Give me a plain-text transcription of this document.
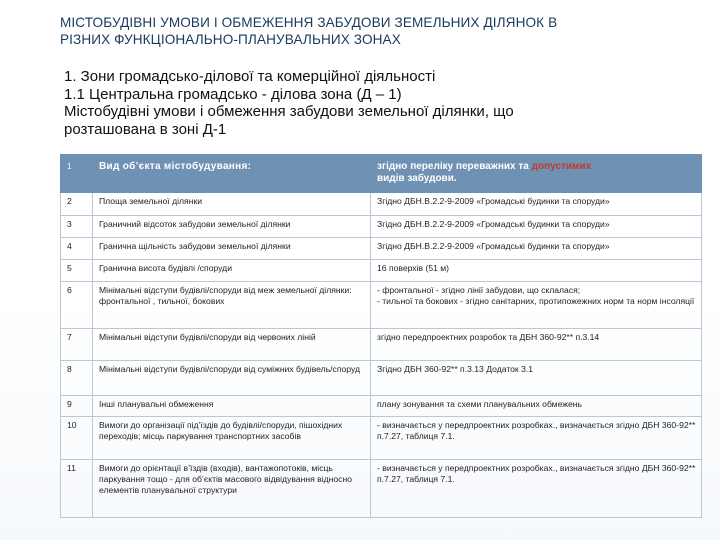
МІСТОБУДІВНІ УМОВИ І ОБМЕЖЕННЯ ЗАБУДОВИ ЗЕМЕЛЬНИХ ДІЛЯНОК В
РІЗНИХ ФУНКЦІОНАЛЬНО-ПЛАНУВАЛЬНИХ ЗОНАХ
1. Зони громадсько-ділової та комерційної діяльності
1.1 Центральна громадсько - ділова зона (Д – 1)
Містобудівні умови і обмеження забудови земельної ділянки, що
розташована в зоні Д-1
1	Вид об’єкта містобудування:	згідно переліку переважних та допустимих
видів забудови.
2	Площа земельної ділянки	Згідно ДБН.В.2.2-9-2009 «Громадські будинки та споруди»
3	Граничний відсоток забудови земельної ділянки	Згідно ДБН.В.2.2-9-2009 «Громадські будинки та споруди»
4	Гранична щільність забудови земельної ділянки	Згідно ДБН.В.2.2-9-2009 «Громадські будинки та споруди»
5	Гранична висота будівлі /споруди	16 поверхів (51 м)
6	Мінімальні відступи будівлі/споруди від меж земельної ділянки: фронтальної , тильної, бокових	- фронтальної - згідно лінії забудови, що склалася;
- тильної та бокових - згідно санітарних, протипожежних норм та норм інсоляції

7	Мінімальні відступи будівлі/споруди від червоних ліній	згідно передпроектних розробок та ДБН 360-92** п.3.14
8	Мінімальні відступи будівлі/споруди від суміжних будівель/споруд	Згідно ДБН 360-92** п.3.13 Додаток 3.1
9	Інші планувальні обмеження	плану зонування та схеми планувальних обмежень
10	Вимоги до організації під’їздів до будівлі/споруди, пішохідних переходів; місць паркування транспортних засобів	- визначається у передпроектних розробках., визначається згідно ДБН 360-92** п.7.27, таблиця 7.1.
11	Вимоги до орієнтації в’їздів (входів), вантажопотоків, місць паркування тощо - для об’єктів масового відвідування відносно елементів планувальної структури	- визначається у передпроектних розробках., визначається згідно ДБН 360-92** п.7.27, таблиця 7.1.
